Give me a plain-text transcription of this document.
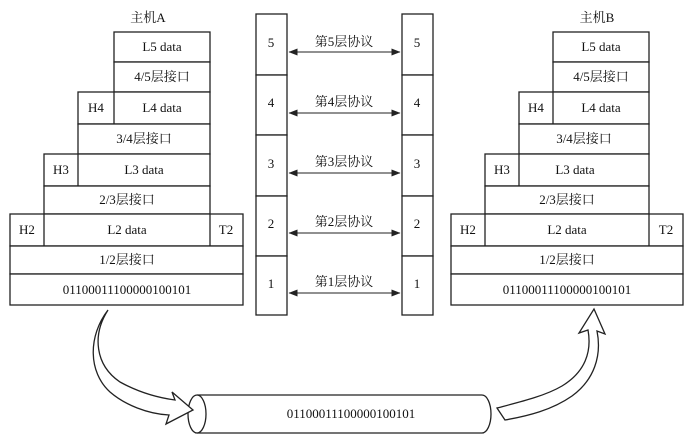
主机A
L5 data
4/5层接口
H4	L4 data
3/4层接口
H3	L3 data
2/3层接口
H2	L2 data	T2
1/2层接口
01100011100000100101
主机B
L5 data
4/5层接口
H4	L4 data
3/4层接口
H3	L3 data
2/3层接口
H2	L2 data	T2
1/2层接口
01100011100000100101
5
4
3
2
1
5
4
3
2
1
第5层协议
第4层协议
第3层协议
第2层协议
第1层协议
01100011100000100101
